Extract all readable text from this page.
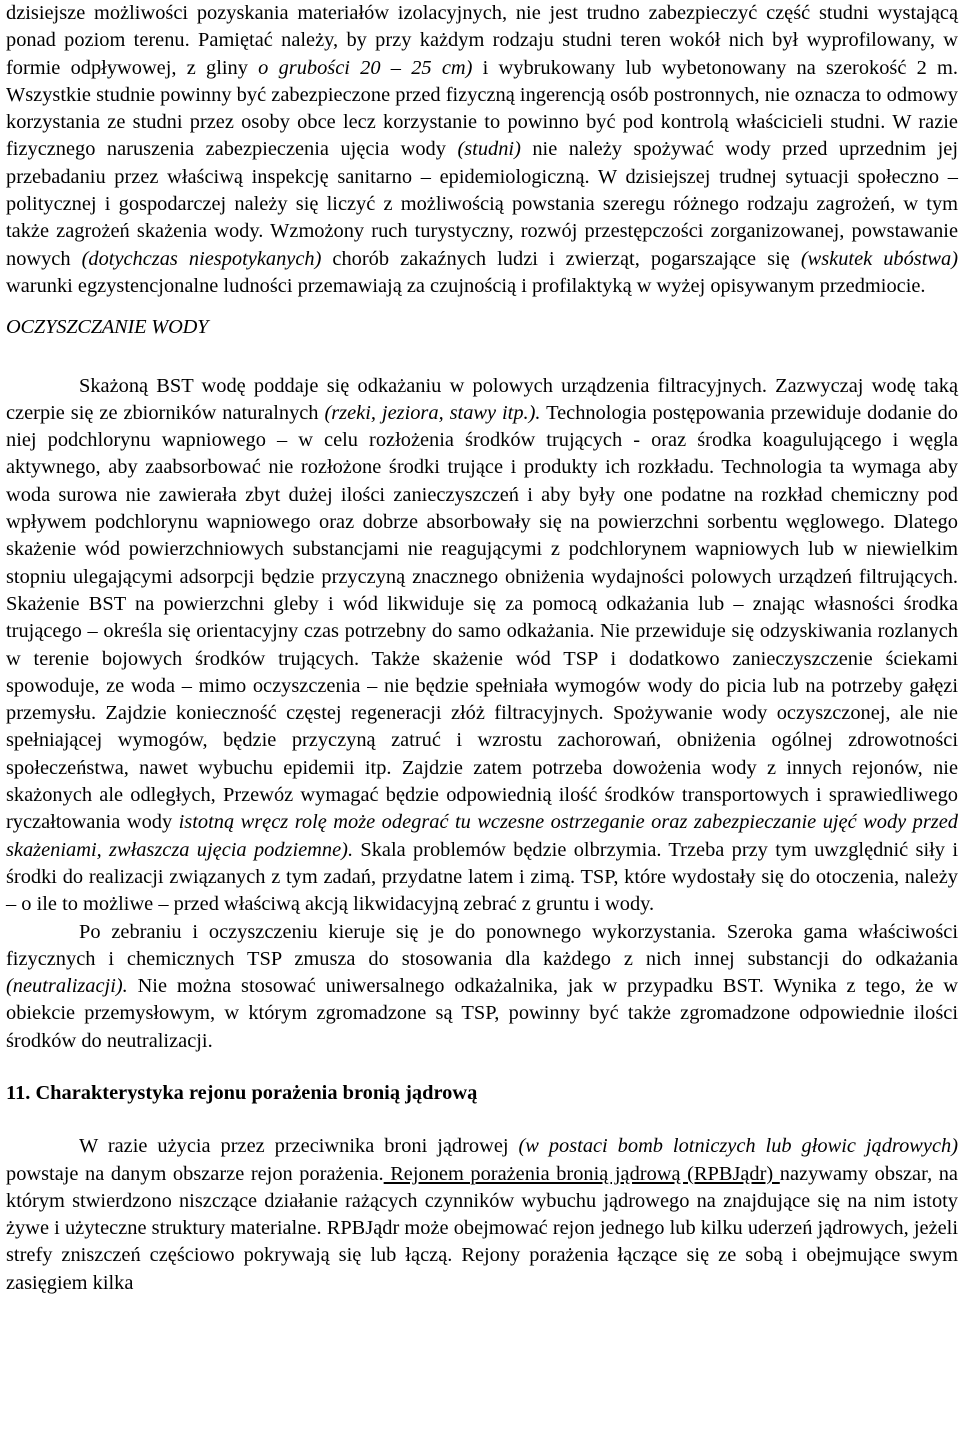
dzisiejsze możliwości pozyskania materiałów izolacyjnych, nie jest trudno zabezpieczyć część studni wystającą ponad poziom terenu. Pamiętać należy, by przy każdym rodzaju studni teren wokół nich był wyprofilowany, w formie odpływowej, z gliny o grubości 20 – 25 cm) i wybrukowany lub wybetonowany na szerokość 2 m. Wszystkie studnie powinny być zabezpieczone przed fizyczną ingerencją osób postronnych, nie oznacza to odmowy korzystania ze studni przez osoby obce lecz korzystanie to powinno być pod kontrolą właścicieli studni. W razie fizycznego naruszenia zabezpieczenia ujęcia wody (studni) nie należy spożywać wody przed uprzednim jej przebadaniu przez właściwą inspekcję sanitarno – epidemiologiczną. W dzisiejszej trudnej sytuacji społeczno – politycznej i gospodarczej należy się liczyć z możliwością powstania szeregu różnego rodzaju zagrożeń, w tym także zagrożeń skażenia wody. Wzmożony ruch turystyczny, rozwój przestępczości zorganizowanej, powstawanie nowych (dotychczas niespotykanych) chorób zakaźnych ludzi i zwierząt, pogarszające się (wskutek ubóstwa) warunki egzystencjonalne ludności przemawiają za czujnością i profilaktyką w wyżej opisywanym przedmiocie.

OCZYSZCZANIE WODY

Skażoną BST wodę poddaje się odkażaniu w polowych urządzenia filtracyjnych. Zazwyczaj wodę taką czerpie się ze zbiorników naturalnych (rzeki, jeziora, stawy itp.). Technologia postępowania przewiduje dodanie do niej podchlorynu wapniowego – w celu rozłożenia środków trujących - oraz środka koagulującego i węgla aktywnego, aby zaabsorbować nie rozłożone środki trujące i produkty ich rozkładu. Technologia ta wymaga aby woda surowa nie zawierała zbyt dużej ilości zanieczyszczeń i aby były one podatne na rozkład chemiczny pod wpływem podchlorynu wapniowego oraz dobrze absorbowały się na powierzchni sorbentu węglowego. Dlatego skażenie wód powierzchniowych substancjami nie reagującymi z podchlorynem wapniowych lub w niewielkim stopniu ulegającymi adsorpcji będzie przyczyną znacznego obniżenia wydajności polowych urządzeń filtrujących. Skażenie BST na powierzchni gleby i wód likwiduje się za pomocą odkażania lub – znając własności środka trującego – określa się orientacyjny czas potrzebny do samo odkażania. Nie przewiduje się odzyskiwania rozlanych w terenie bojowych środków trujących. Także skażenie wód TSP i dodatkowo zanieczyszczenie ściekami spowoduje, ze woda – mimo oczyszczenia – nie będzie spełniała wymogów wody do picia lub na potrzeby gałęzi przemysłu. Zajdzie konieczność częstej regeneracji złóż filtracyjnych. Spożywanie wody oczyszczonej, ale nie spełniającej wymogów, będzie przyczyną zatruć i wzrostu zachorowań, obniżenia ogólnej zdrowotności społeczeństwa, nawet wybuchu epidemii itp. Zajdzie zatem potrzeba dowożenia wody z innych rejonów, nie skażonych ale odległych, Przewóz wymagać będzie odpowiednią ilość środków transportowych i sprawiedliwego ryczałtowania wody istotną wręcz rolę może odegrać tu wczesne ostrzeganie oraz zabezpieczanie ujęć wody przed skażeniami, zwłaszcza ujęcia podziemne). Skala problemów będzie olbrzymia. Trzeba przy tym uwzględnić siły i środki do realizacji związanych z tym zadań, przydatne latem i zimą. TSP, które wydostały się do otoczenia, należy – o ile to możliwe – przed właściwą akcją likwidacyjną zebrać z gruntu i wody.

Po zebraniu i oczyszczeniu kieruje się je do ponownego wykorzystania. Szeroka gama właściwości fizycznych i chemicznych TSP zmusza do stosowania dla każdego z nich innej substancji do odkażania (neutralizacji). Nie można stosować uniwersalnego odkażalnika, jak w przypadku BST. Wynika z tego, że w obiekcie przemysłowym, w którym zgromadzone są TSP, powinny być także zgromadzone odpowiednie ilości środków do neutralizacji.

11. Charakterystyka rejonu porażenia bronią jądrową

W razie użycia przez przeciwnika broni jądrowej (w postaci bomb lotniczych lub głowic jądrowych) powstaje na danym obszarze rejon porażenia. Rejonem porażenia bronią jądrową (RPBJądr) nazywamy obszar, na którym stwierdzono niszczące działanie rażących czynników wybuchu jądrowego na znajdujące się na nim istoty żywe i użyteczne struktury materialne. RPBJądr może obejmować rejon jednego lub kilku uderzeń jądrowych, jeżeli strefy zniszczeń częściowo pokrywają się lub łączą. Rejony porażenia łączące się ze sobą i obejmujące swym zasięgiem kilka
